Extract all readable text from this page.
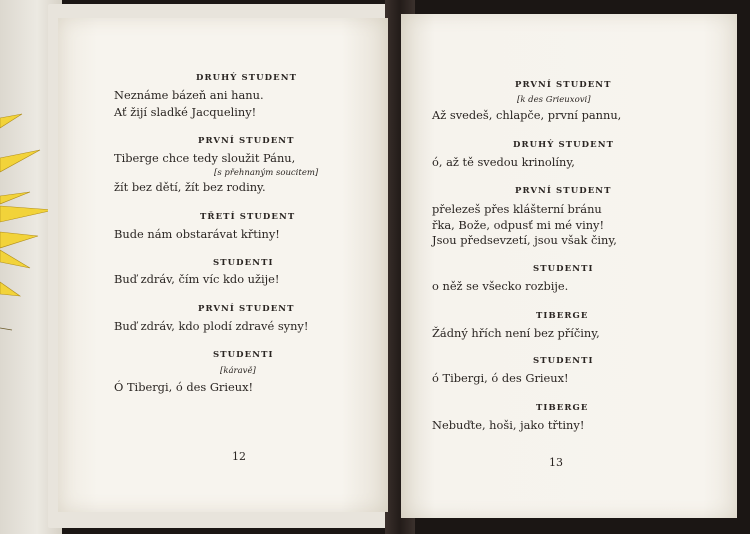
DRUHÝ STUDENT
Neznáme bázeň ani hanu.
Ať žijí sladké Jacqueliny!
PRVNÍ STUDENT
Tiberge chce tedy sloužit Pánu,
[s přehnaným soucitem]
žít bez dětí, žít bez rodiny.
TŘETÍ STUDENT
Bude nám obstarávat křtiny!
STUDENTI
Buď zdráv, čím víc kdo užije!
PRVNÍ STUDENT
Buď zdráv, kdo plodí zdravé syny!
STUDENTI
[káravě]
Ó Tibergi, ó des Grieux!
12
PRVNÍ STUDENT
[k des Grieuxovi]
Až svedeš, chlapče, první pannu,
DRUHÝ STUDENT
ó, až tě svedou krinolíny,
PRVNÍ STUDENT
přelezeš přes klášterní bránu
řka, Bože, odpusť mi mé viny!
Jsou předsevzetí, jsou však činy,
STUDENTI
o něž se všecko rozbije.
TIBERGE
Žádný hřích není bez příčiny,
STUDENTI
ó Tibergi, ó des Grieux!
TIBERGE
Nebuďte, hoši, jako třtiny!
13
